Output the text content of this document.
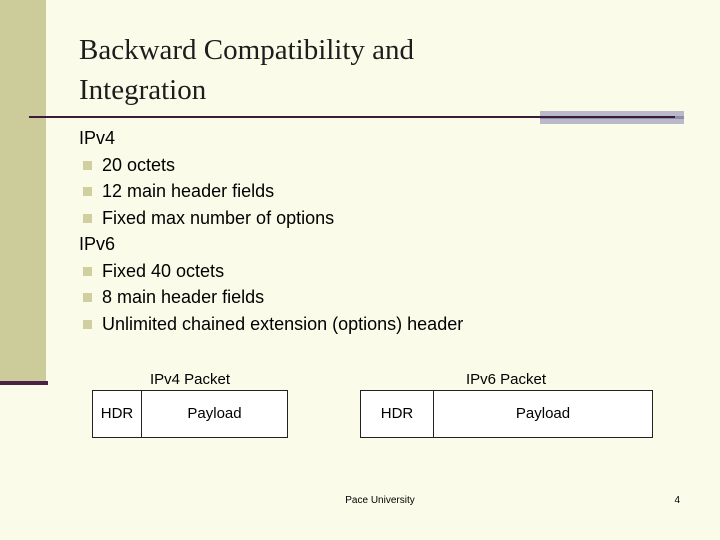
Backward Compatibility and
Integration
IPv4
20 octets
12 main header fields
Fixed max number of options
IPv6
Fixed 40 octets
8 main header fields
Unlimited chained extension (options) header
IPv4 Packet
HDR	Payload
IPv6 Packet
HDR	Payload
Pace University	4
